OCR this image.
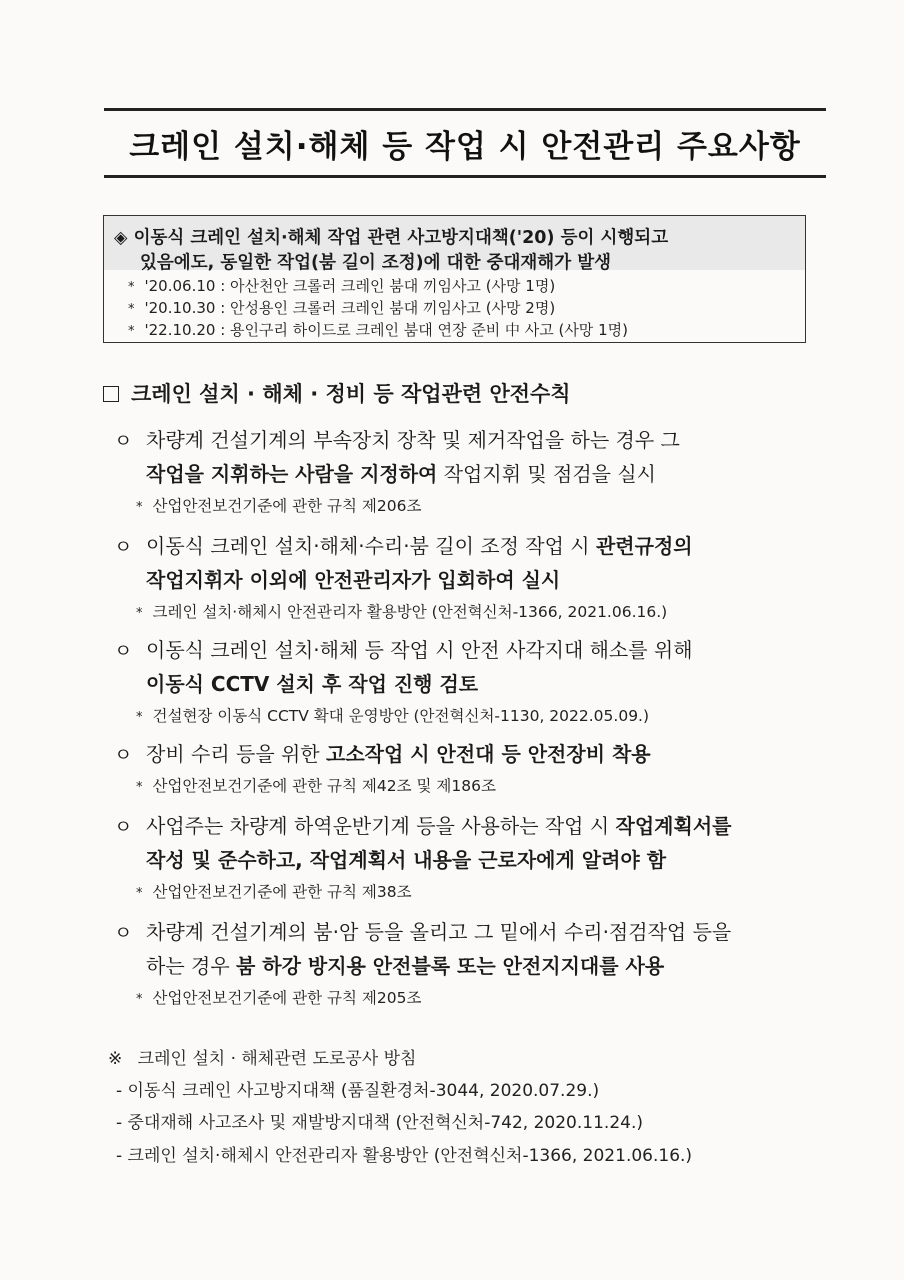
크레인 설치·해체 등 작업 시 안전관리 주요사항
◈ 이동식 크레인 설치·해체 작업 관련 사고방지대책('20) 등이 시행되고
있음에도, 동일한 작업(붐 길이 조정)에 대한 중대재해가 발생
* '20.06.10 : 아산천안 크롤러 크레인 붐대 끼임사고 (사망 1명)
* '20.10.30 : 안성용인 크롤러 크레인 붐대 끼임사고 (사망 2명)
* '22.10.20 : 용인구리 하이드로 크레인 붐대 연장 준비 中 사고 (사망 1명)
크레인 설치 · 해체 · 정비 등 작업관련 안전수칙
ㅇ 차량계 건설기계의 부속장치 장착 및 제거작업을 하는 경우 그
작업을 지휘하는 사람을 지정하여 작업지휘 및 점검을 실시
* 산업안전보건기준에 관한 규칙 제206조
ㅇ 이동식 크레인 설치·해체·수리·붐 길이 조정 작업 시 관련규정의
작업지휘자 이외에 안전관리자가 입회하여 실시
* 크레인 설치·해체시 안전관리자 활용방안 (안전혁신처-1366, 2021.06.16.)
ㅇ 이동식 크레인 설치·해체 등 작업 시 안전 사각지대 해소를 위해
이동식 CCTV 설치 후 작업 진행 검토
* 건설현장 이동식 CCTV 확대 운영방안 (안전혁신처-1130, 2022.05.09.)
ㅇ 장비 수리 등을 위한 고소작업 시 안전대 등 안전장비 착용
* 산업안전보건기준에 관한 규칙 제42조 및 제186조
ㅇ 사업주는 차량계 하역운반기계 등을 사용하는 작업 시 작업계획서를
작성 및 준수하고, 작업계획서 내용을 근로자에게 알려야 함
* 산업안전보건기준에 관한 규칙 제38조
ㅇ 차량계 건설기계의 붐·암 등을 올리고 그 밑에서 수리·점검작업 등을
하는 경우 붐 하강 방지용 안전블록 또는 안전지지대를 사용
* 산업안전보건기준에 관한 규칙 제205조
※ 크레인 설치 · 해체관련 도로공사 방침
- 이동식 크레인 사고방지대책 (품질환경처-3044, 2020.07.29.)
- 중대재해 사고조사 및 재발방지대책 (안전혁신처-742, 2020.11.24.)
- 크레인 설치·해체시 안전관리자 활용방안 (안전혁신처-1366, 2021.06.16.)
